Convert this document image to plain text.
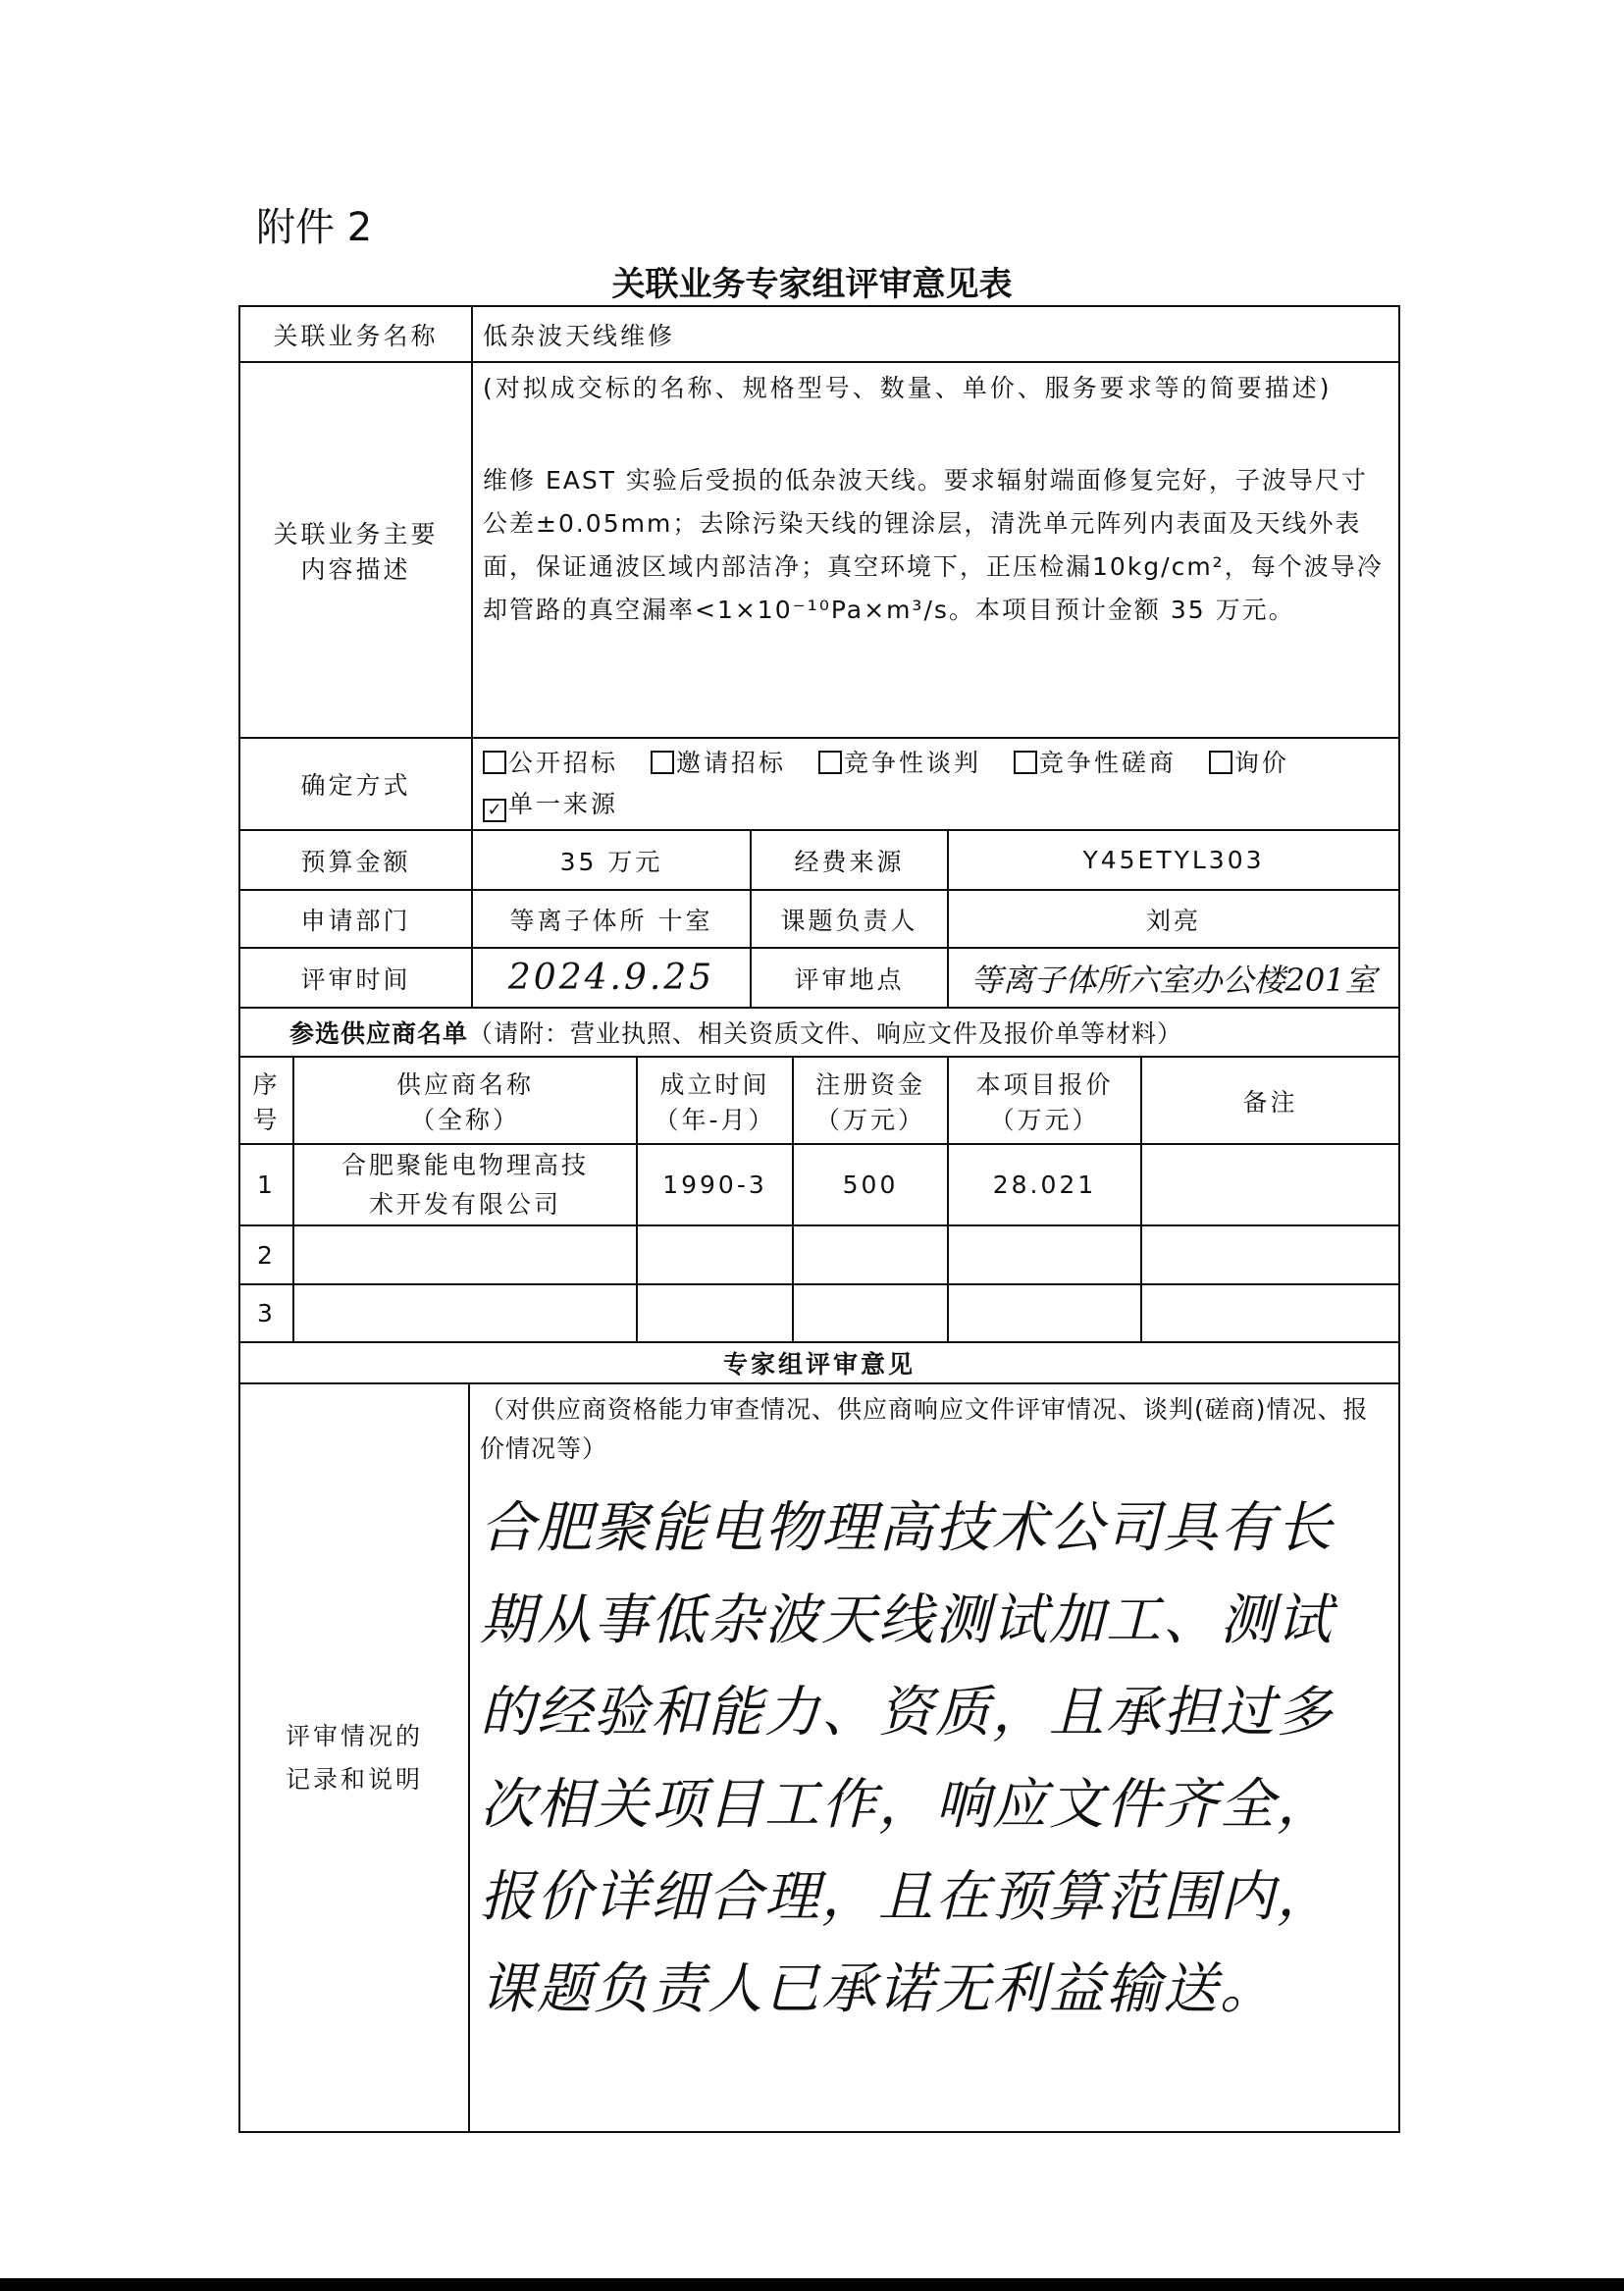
附件 2
关联业务专家组评审意见表
关联业务名称	低杂波天线维修		
关联业务主要内容描述	(对拟成交标的名称、规格型号、数量、单价、服务要求等的简要描述)
维修 EAST 实验后受损的低杂波天线。要求辐射端面修复完好，子波导尺寸公差±0.05mm；去除污染天线的锂涂层，清洗单元阵列内表面及天线外表面，保证通波区域内部洁净；真空环境下，正压检漏10kg/cm²，每个波导冷却管路的真空漏率<1×10⁻¹⁰Pa×m³/s。本项目预计金额 35 万元。		

确定方式	公开招标 邀请招标 竞争性谈判 竞争性磋商 询价
✓ 单一来源		
预算金额	35 万元	经费来源	Y45ETYL303
申请部门	等离子体所 十室	课题负责人	刘亮
评审时间	2024.9.25	评审地点	等离子体所六室办公楼201室
参选供应商名单（请附：营业执照、相关资质文件、响应文件及报价单等材料）			
序号	供应商名称（全称）	成立时间（年-月）	注册资金（万元）	本项目报价（万元）	备注
1	合肥聚能电物理高技术开发有限公司	1990-3	500	28.021	
2					
3					
专家组评审意见
评审情况的记录和说明	
（对供应商资格能力审查情况、供应商响应文件评审情况、谈判(磋商)情况、报价情况等）
合肥聚能电物理高技术公司具有长期从事低杂波天线测试加工、测试的经验和能力、资质，且承担过多次相关项目工作，响应文件齐全，报价详细合理，且在预算范围内，课题负责人已承诺无利益输送。
